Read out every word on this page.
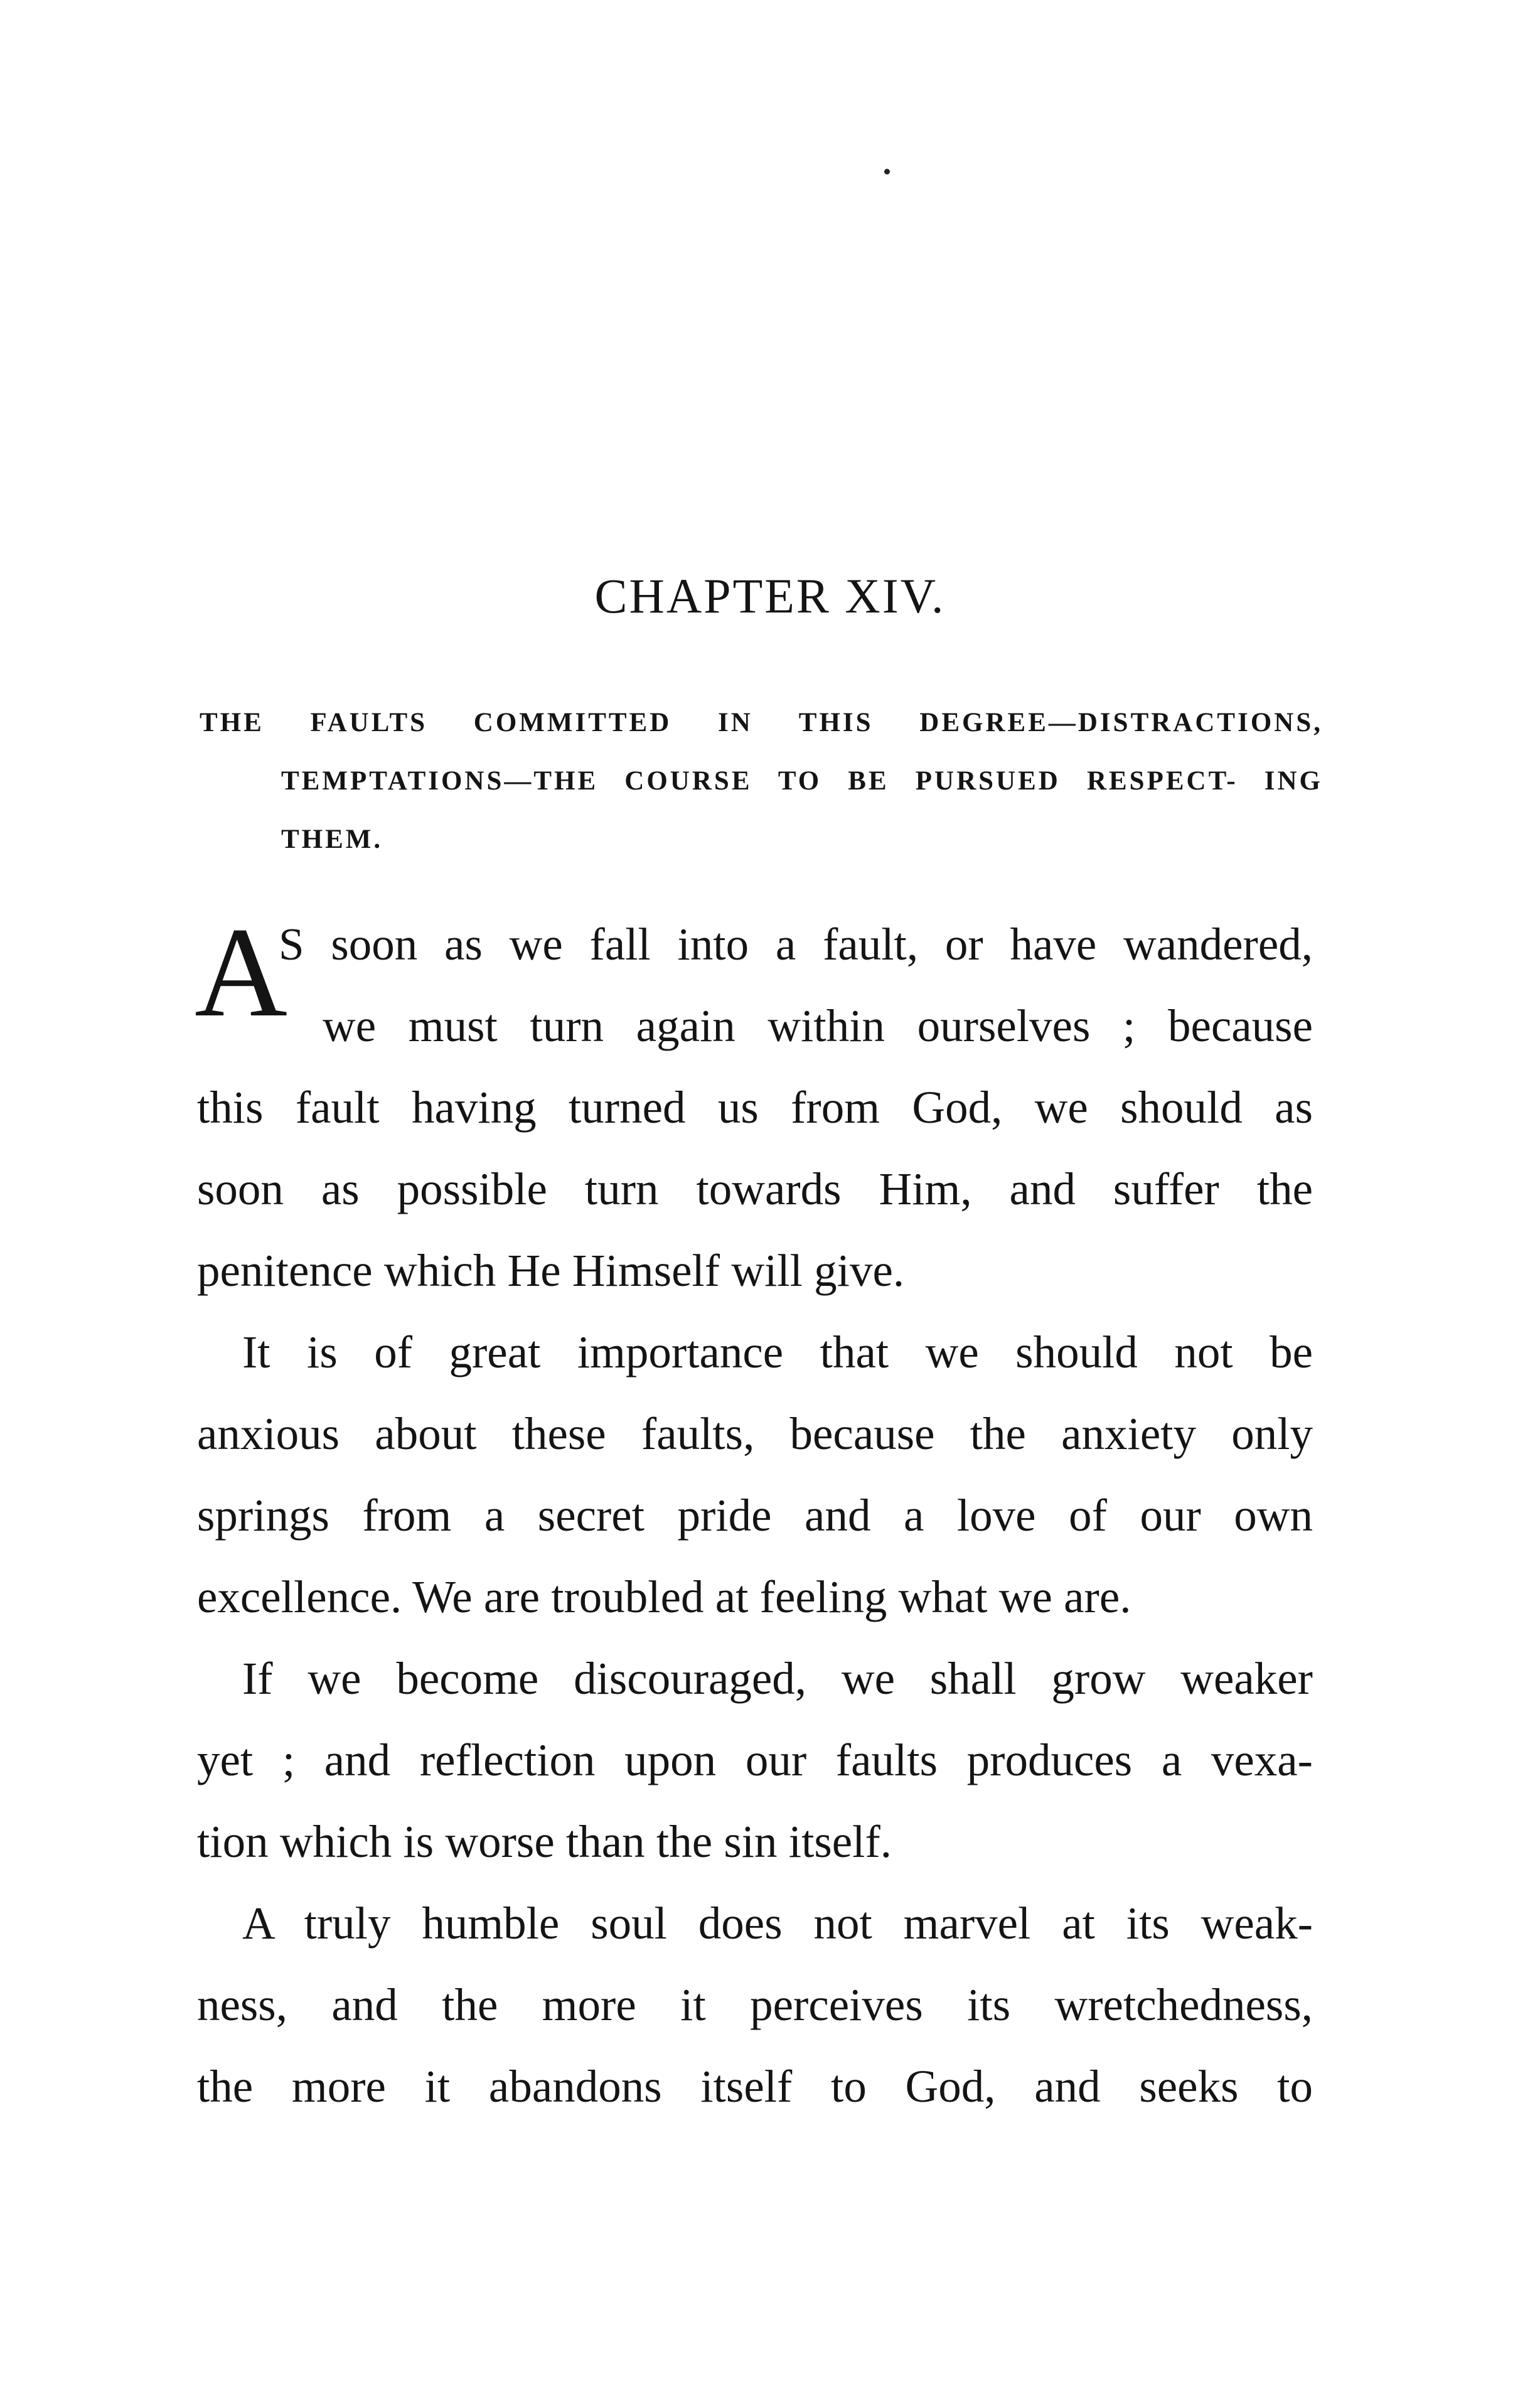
CHAPTER XIV.
THE FAULTS COMMITTED IN THIS DEGREE—DISTRACTIONS, TEMPTATIONS—THE COURSE TO BE PURSUED RESPECT- ING THEM.
A
S soon as we fall into a fault, or have wandered,
we must turn again within ourselves ; because
this fault having turned us from God, we should as
soon as possible turn towards Him, and suffer the
penitence which He Himself will give.
It is of great importance that we should not be
anxious about these faults, because the anxiety only
springs from a secret pride and a love of our own
excellence. We are troubled at feeling what we are.
If we become discouraged, we shall grow weaker
yet ; and reflection upon our faults produces a vexa-
tion which is worse than the sin itself.
A truly humble soul does not marvel at its weak-
ness, and the more it perceives its wretchedness,
the more it abandons itself to God, and seeks to
